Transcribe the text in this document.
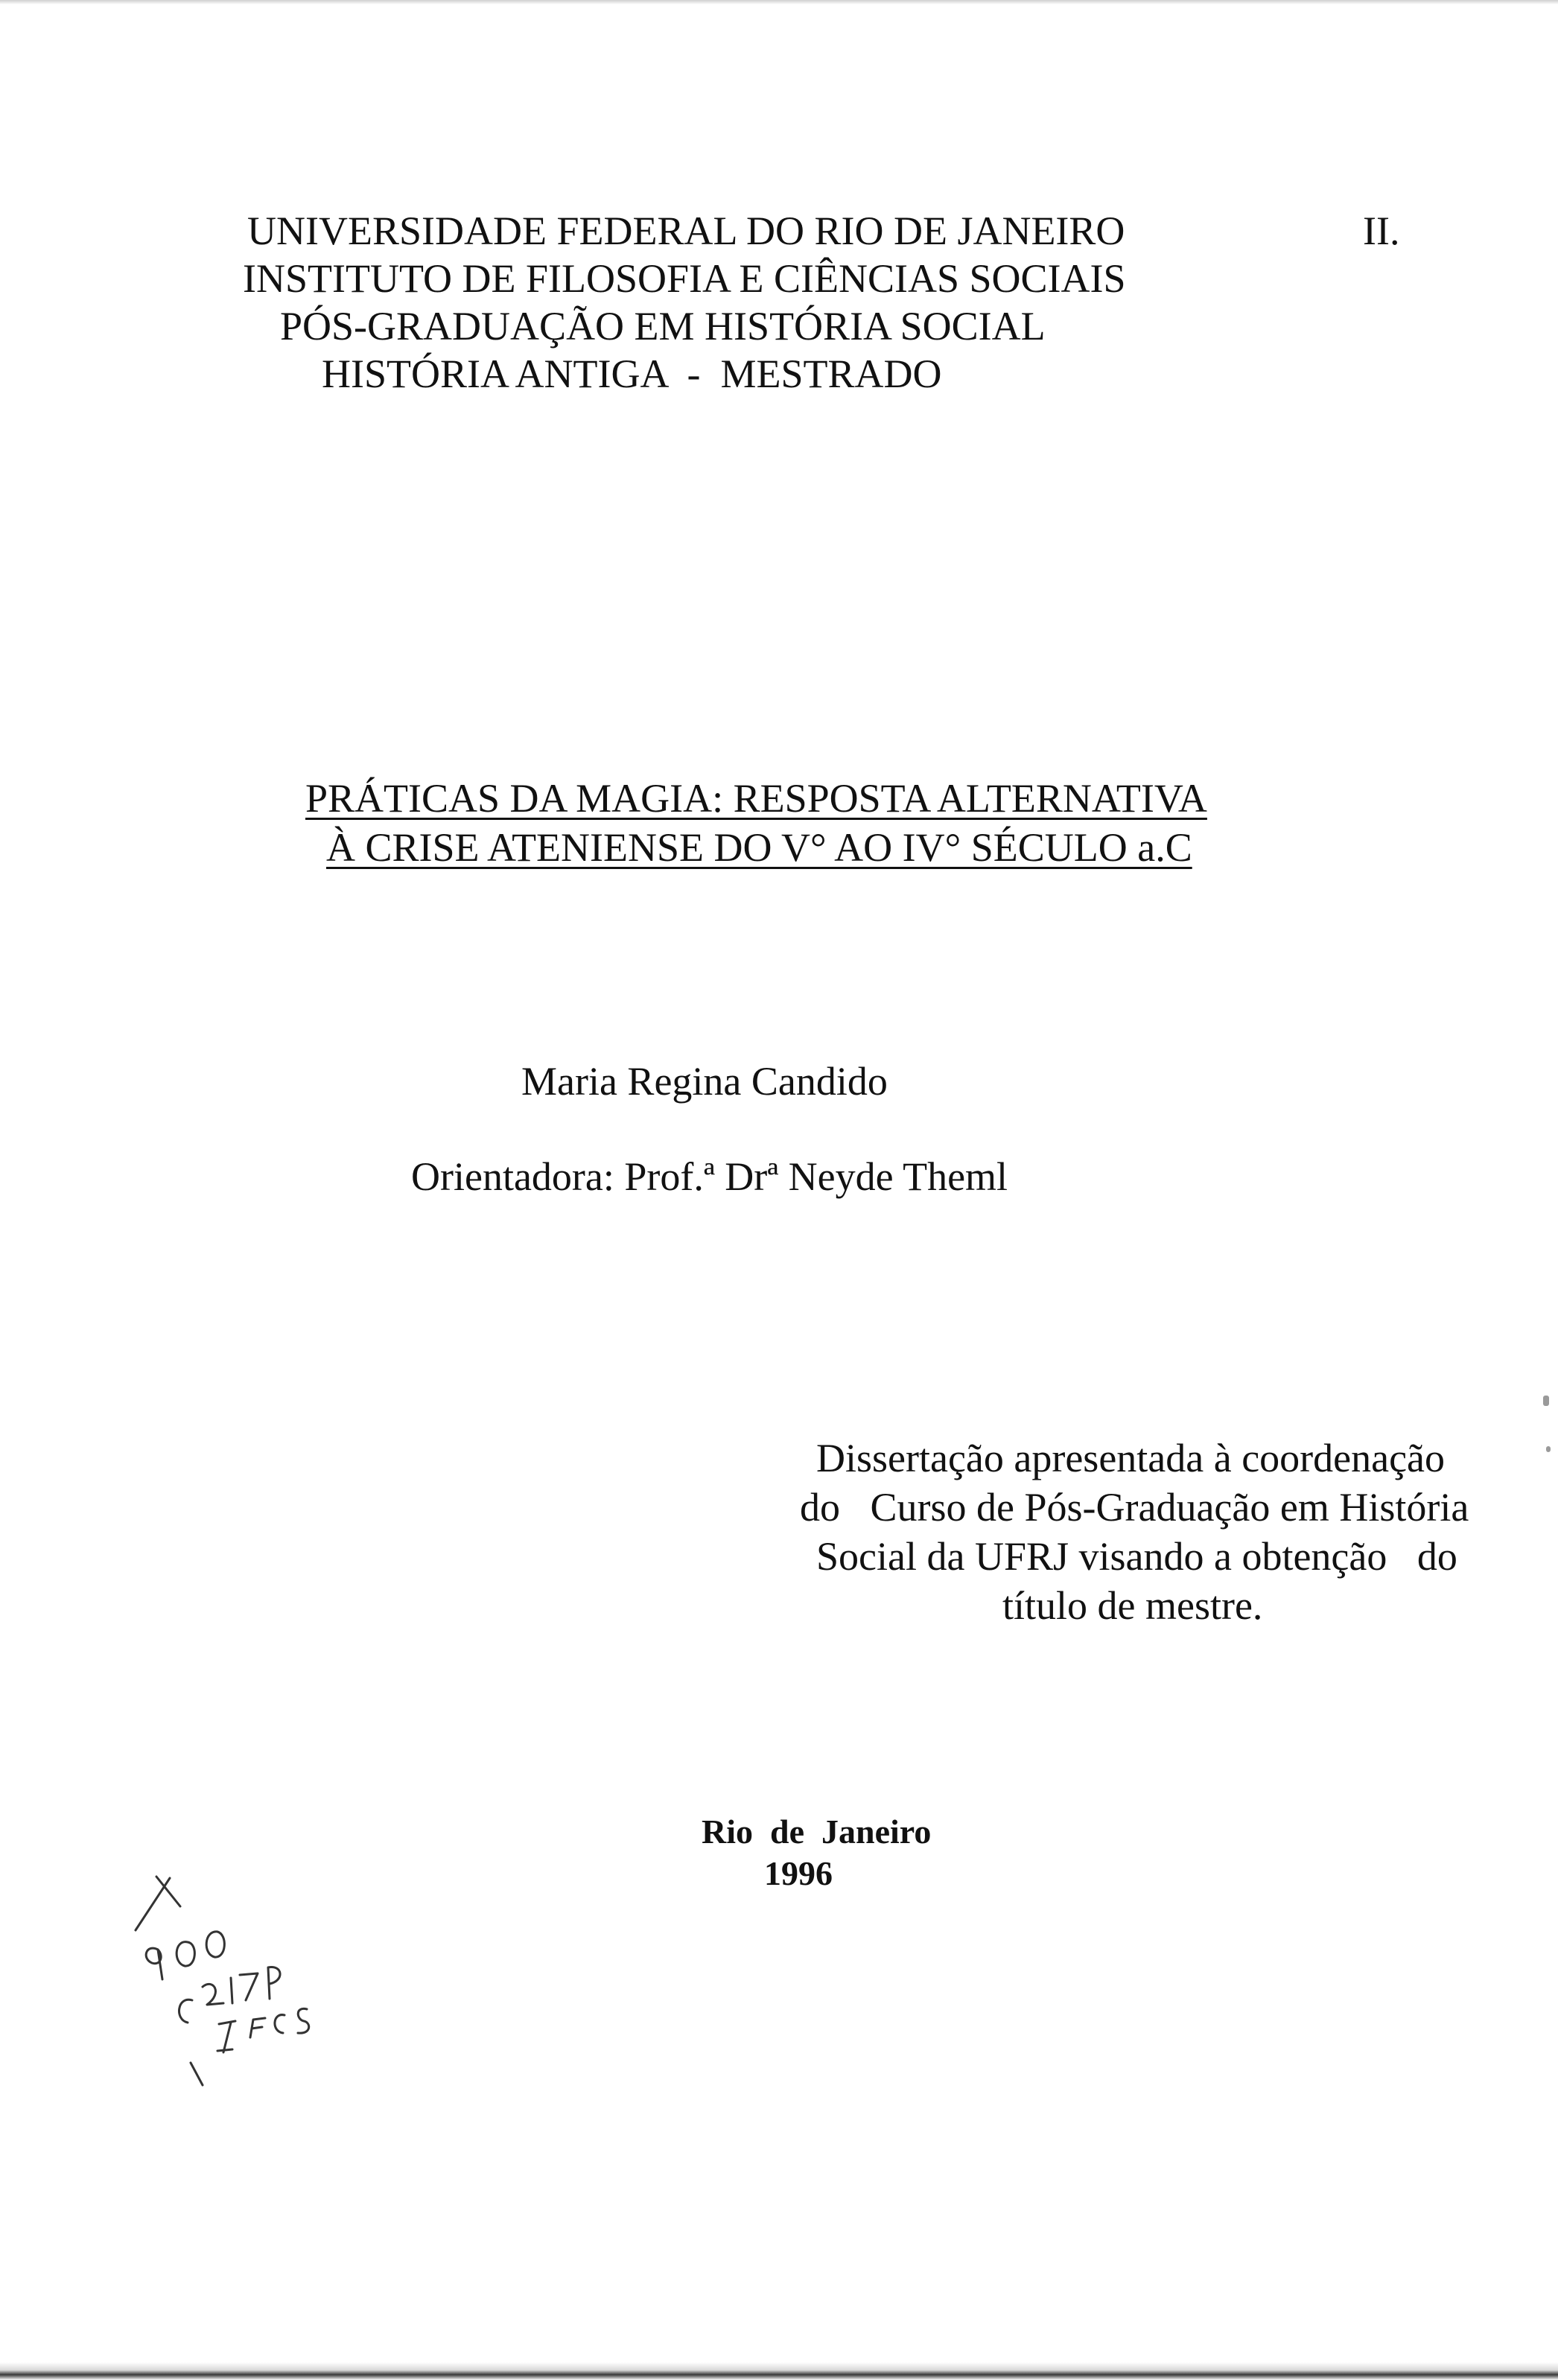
UNIVERSIDADE FEDERAL DO RIO DE JANEIRO	II.
INSTITUTO DE FILOSOFIA E CIÊNCIAS SOCIAIS
PÓS-GRADUAÇÃO EM HISTÓRIA SOCIAL
HISTÓRIA ANTIGA  -  MESTRADO
PRÁTICAS DA MAGIA: RESPOSTA ALTERNATIVA
À CRISE ATENIENSE DO V° AO IV° SÉCULO a.C
Maria Regina Candido
Orientadora: Prof.ª Drª Neyde Theml
Dissertação apresentada à coordenação
do   Curso de Pós-Graduação em História
Social da UFRJ visando a obtenção   do
título de mestre.
Rio  de  Janeiro
1996
